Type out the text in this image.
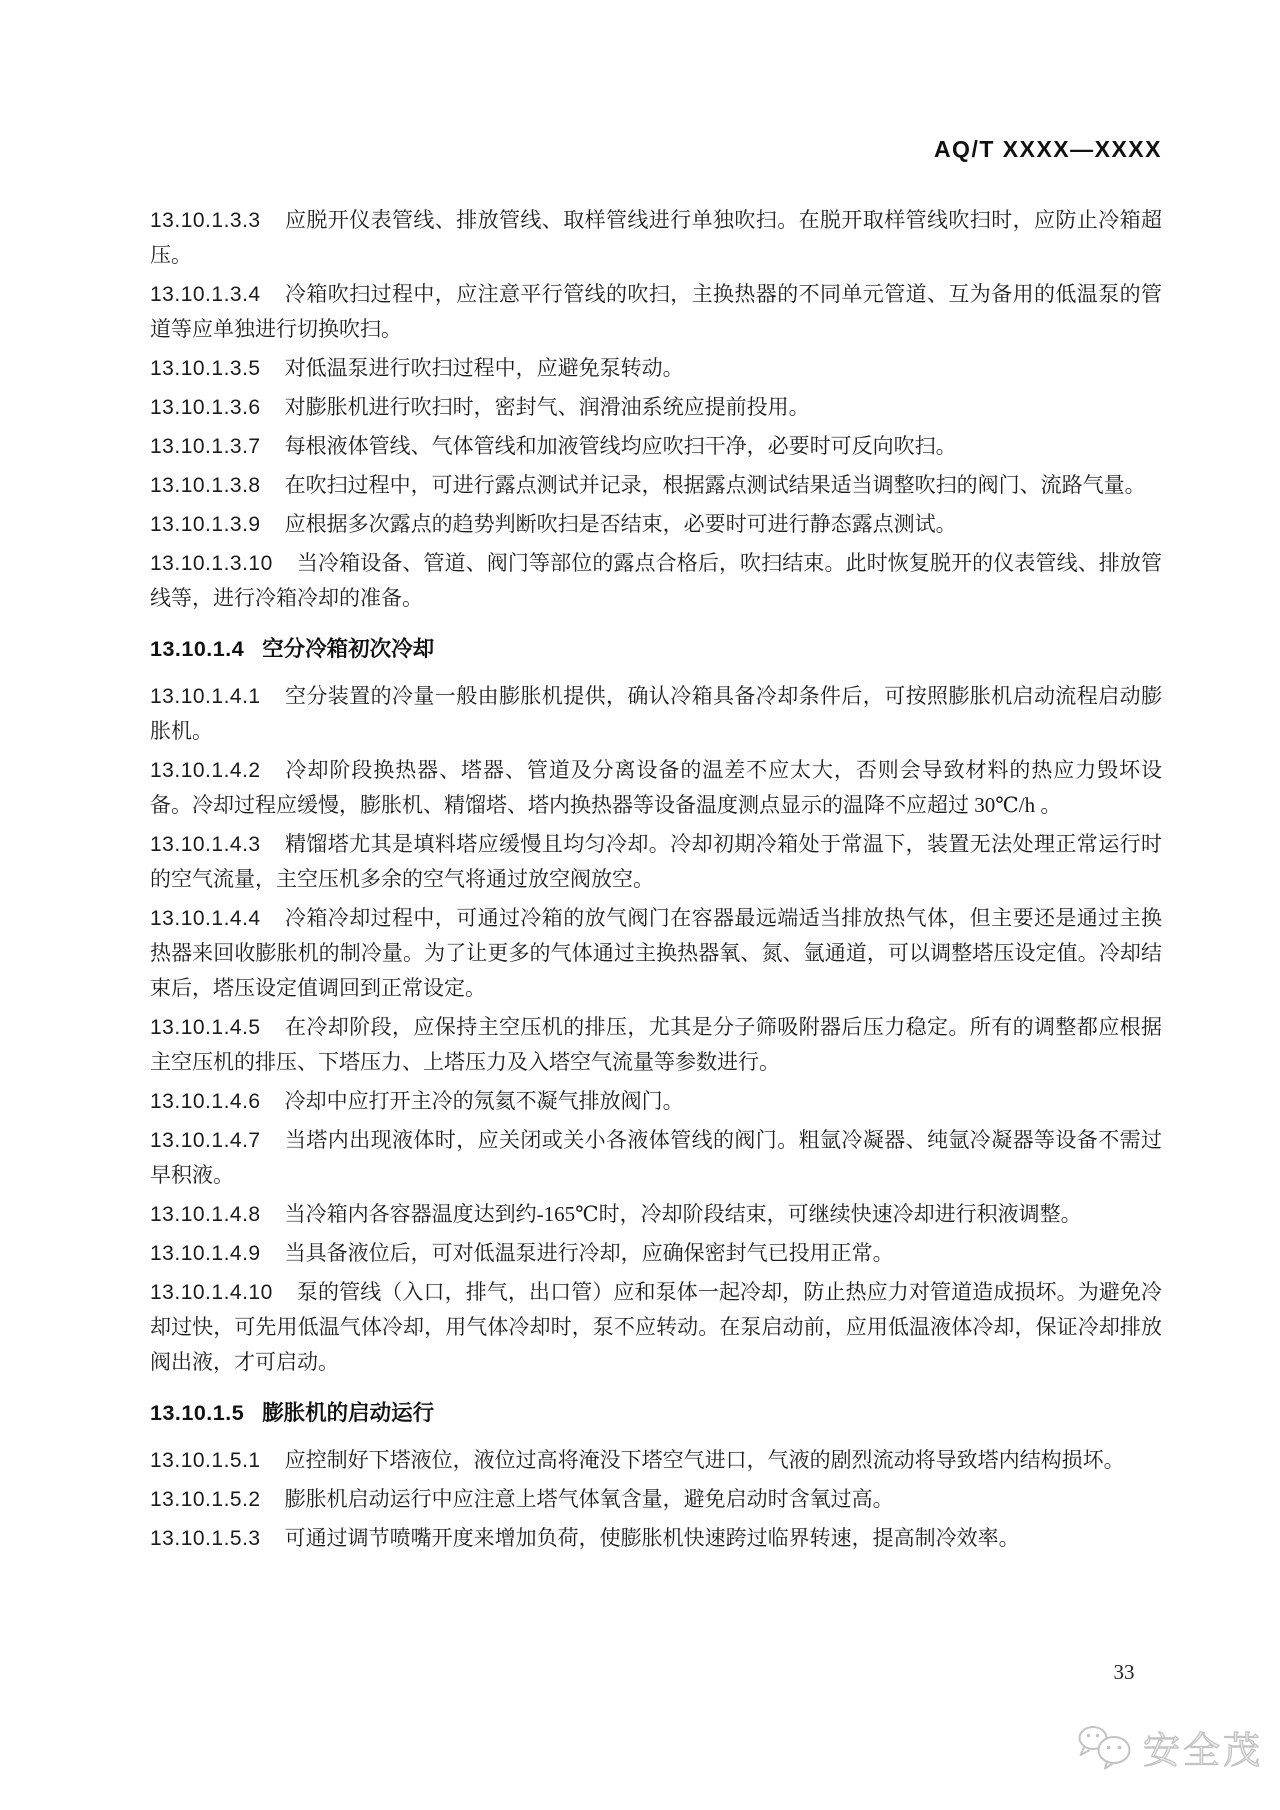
AQ/T XXXX—XXXX

13.10.1.3.3 应脱开仪表管线、排放管线、取样管线进行单独吹扫。在脱开取样管线吹扫时，应防止冷箱超压。

13.10.1.3.4 冷箱吹扫过程中，应注意平行管线的吹扫，主换热器的不同单元管道、互为备用的低温泵的管道等应单独进行切换吹扫。

13.10.1.3.5 对低温泵进行吹扫过程中，应避免泵转动。

13.10.1.3.6 对膨胀机进行吹扫时，密封气、润滑油系统应提前投用。

13.10.1.3.7 每根液体管线、气体管线和加液管线均应吹扫干净，必要时可反向吹扫。

13.10.1.3.8 在吹扫过程中，可进行露点测试并记录，根据露点测试结果适当调整吹扫的阀门、流路气量。

13.10.1.3.9 应根据多次露点的趋势判断吹扫是否结束，必要时可进行静态露点测试。

13.10.1.3.10 当冷箱设备、管道、阀门等部位的露点合格后，吹扫结束。此时恢复脱开的仪表管线、排放管线等，进行冷箱冷却的准备。

13.10.1.4 空分冷箱初次冷却

13.10.1.4.1 空分装置的冷量一般由膨胀机提供，确认冷箱具备冷却条件后，可按照膨胀机启动流程启动膨胀机。

13.10.1.4.2 冷却阶段换热器、塔器、管道及分离设备的温差不应太大，否则会导致材料的热应力毁坏设备。冷却过程应缓慢，膨胀机、精馏塔、塔内换热器等设备温度测点显示的温降不应超过 30℃/h 。

13.10.1.4.3 精馏塔尤其是填料塔应缓慢且均匀冷却。冷却初期冷箱处于常温下，装置无法处理正常运行时的空气流量，主空压机多余的空气将通过放空阀放空。

13.10.1.4.4 冷箱冷却过程中，可通过冷箱的放气阀门在容器最远端适当排放热气体，但主要还是通过主换热器来回收膨胀机的制冷量。为了让更多的气体通过主换热器氧、氮、氩通道，可以调整塔压设定值。冷却结束后，塔压设定值调回到正常设定。

13.10.1.4.5 在冷却阶段，应保持主空压机的排压，尤其是分子筛吸附器后压力稳定。所有的调整都应根据主空压机的排压、下塔压力、上塔压力及入塔空气流量等参数进行。

13.10.1.4.6 冷却中应打开主冷的氖氦不凝气排放阀门。

13.10.1.4.7 当塔内出现液体时，应关闭或关小各液体管线的阀门。粗氩冷凝器、纯氩冷凝器等设备不需过早积液。

13.10.1.4.8 当冷箱内各容器温度达到约-165℃时，冷却阶段结束，可继续快速冷却进行积液调整。

13.10.1.4.9 当具备液位后，可对低温泵进行冷却，应确保密封气已投用正常。

13.10.1.4.10 泵的管线（入口，排气，出口管）应和泵体一起冷却，防止热应力对管道造成损坏。为避免冷却过快，可先用低温气体冷却，用气体冷却时，泵不应转动。在泵启动前，应用低温液体冷却，保证冷却排放阀出液，才可启动。

13.10.1.5 膨胀机的启动运行

13.10.1.5.1 应控制好下塔液位，液位过高将淹没下塔空气进口，气液的剧烈流动将导致塔内结构损坏。

13.10.1.5.2 膨胀机启动运行中应注意上塔气体氧含量，避免启动时含氧过高。

13.10.1.5.3 可通过调节喷嘴开度来增加负荷，使膨胀机快速跨过临界转速，提高制冷效率。

33
安全茂
